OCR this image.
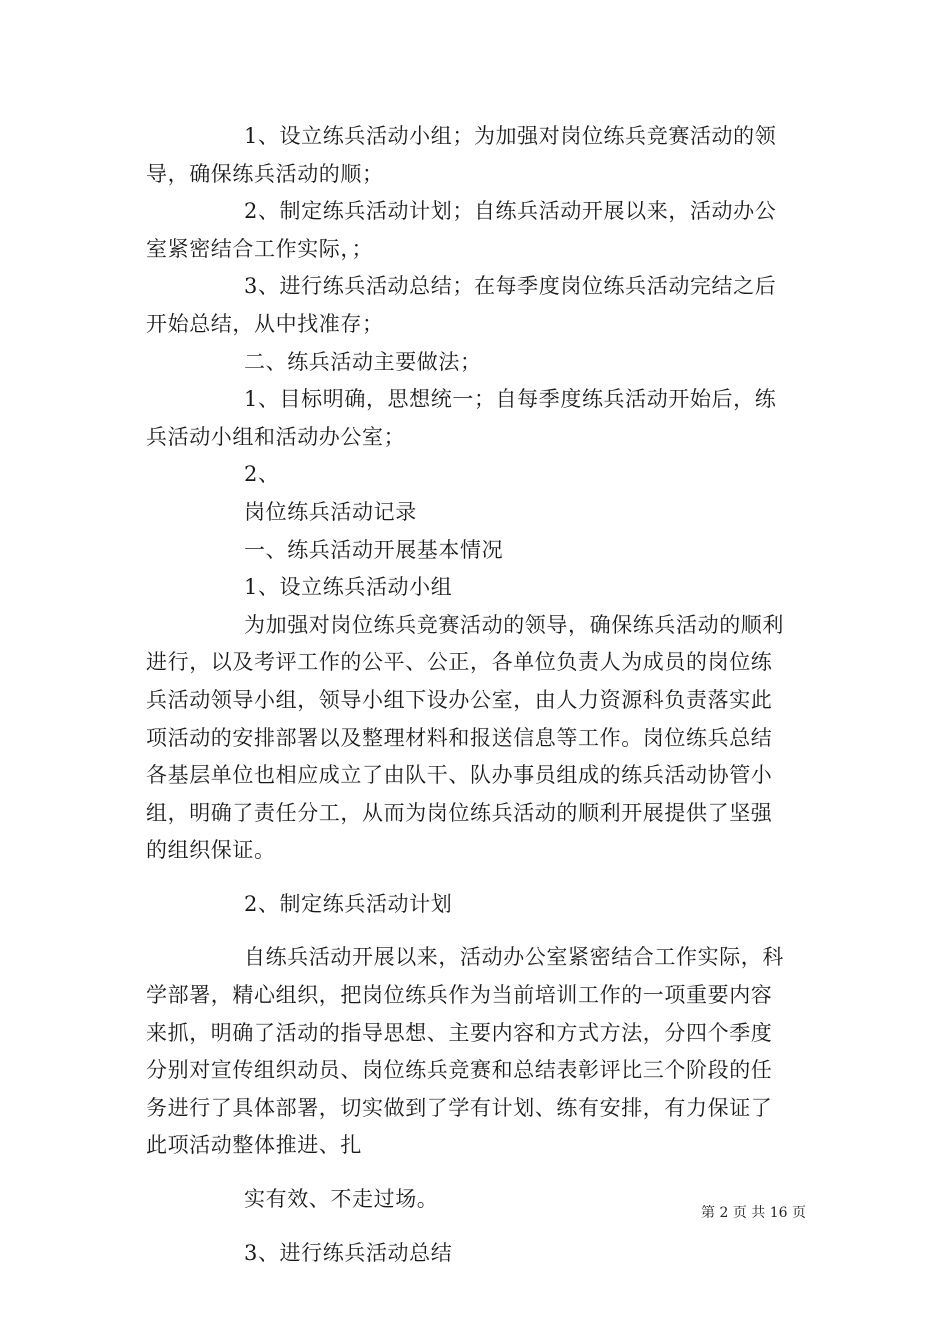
1、设立练兵活动小组；为加强对岗位练兵竞赛活动的领
导，确保练兵活动的顺；
2、制定练兵活动计划；自练兵活动开展以来，活动办公
室紧密结合工作实际，；
3、进行练兵活动总结；在每季度岗位练兵活动完结之后
开始总结，从中找准存；
二、练兵活动主要做法；
1、目标明确，思想统一；自每季度练兵活动开始后，练
兵活动小组和活动办公室；
2、
岗位练兵活动记录
一、练兵活动开展基本情况
1、设立练兵活动小组
为加强对岗位练兵竞赛活动的领导，确保练兵活动的顺利
进行，以及考评工作的公平、公正，各单位负责人为成员的岗位练
兵活动领导小组，领导小组下设办公室，由人力资源科负责落实此
项活动的安排部署以及整理材料和报送信息等工作。岗位练兵总结
各基层单位也相应成立了由队干、队办事员组成的练兵活动协管小
组，明确了责任分工，从而为岗位练兵活动的顺利开展提供了坚强
的组织保证。
2、制定练兵活动计划
自练兵活动开展以来，活动办公室紧密结合工作实际，科
学部署，精心组织，把岗位练兵作为当前培训工作的一项重要内容
来抓，明确了活动的指导思想、主要内容和方式方法，分四个季度
分别对宣传组织动员、岗位练兵竞赛和总结表彰评比三个阶段的任
务进行了具体部署，切实做到了学有计划、练有安排，有力保证了
此项活动整体推进、扎
实有效、不走过场。
3、进行练兵活动总结
第 2 页 共 16 页
